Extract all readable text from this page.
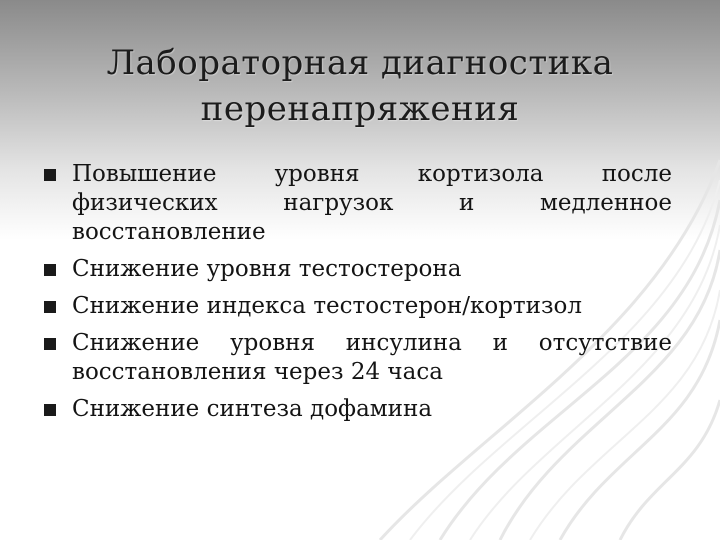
Лабораторная диагностика
перенапряжения
Повышение уровня кортизола после физических нагрузок и медленное восстановление
Снижение уровня тестостерона
Снижение индекса тестостерон/кортизол
Снижение уровня инсулина и отсутствие восстановления через 24 часа
Снижение синтеза дофамина
